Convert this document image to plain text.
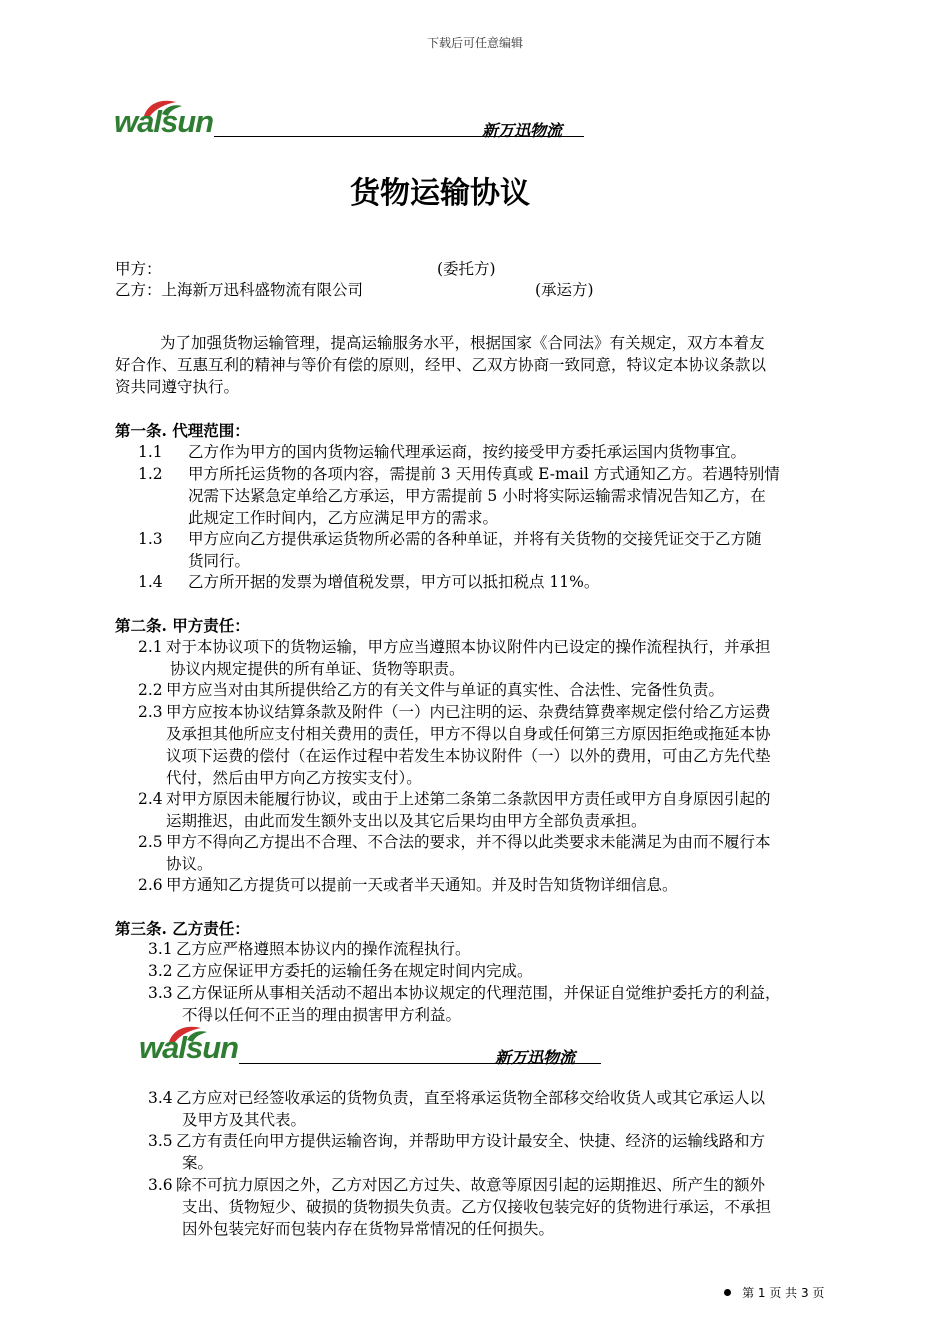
下载后可任意编辑
walsun	新万迅物流
货物运输协议
甲方：	(委托方)
乙方：上海新万迅科盛物流有限公司	(承运方)
为了加强货物运输管理，提高运输服务水平，根据国家《合同法》有关规定，双方本着友
好合作、互惠互利的精神与等价有偿的原则，经甲、乙双方协商一致同意，特议定本协议条款以
资共同遵守执行。
第一条. 代理范围：
1.1 乙方作为甲方的国内货物运输代理承运商，按约接受甲方委托承运国内货物事宜。
1.2 甲方所托运货物的各项内容，需提前 3 天用传真或 E-mail 方式通知乙方。若遇特别情
况需下达紧急定单给乙方承运，甲方需提前 5 小时将实际运输需求情况告知乙方，在
此规定工作时间内，乙方应满足甲方的需求。
1.3 甲方应向乙方提供承运货物所必需的各种单证，并将有关货物的交接凭证交于乙方随
货同行。
1.4 乙方所开据的发票为增值税发票，甲方可以抵扣税点 11%。
第二条. 甲方责任：
2.1 对于本协议项下的货物运输，甲方应当遵照本协议附件内已设定的操作流程执行，并承担
协议内规定提供的所有单证、货物等职责。
2.2 甲方应当对由其所提供给乙方的有关文件与单证的真实性、合法性、完备性负责。
2.3 甲方应按本协议结算条款及附件（一）内已注明的运、杂费结算费率规定偿付给乙方运费
及承担其他所应支付相关费用的责任，甲方不得以自身或任何第三方原因拒绝或拖延本协
议项下运费的偿付（在运作过程中若发生本协议附件（一）以外的费用，可由乙方先代垫
代付，然后由甲方向乙方按实支付）。
2.4 对甲方原因未能履行协议，或由于上述第二条第二条款因甲方责任或甲方自身原因引起的
运期推迟，由此而发生额外支出以及其它后果均由甲方全部负责承担。
2.5 甲方不得向乙方提出不合理、不合法的要求，并不得以此类要求未能满足为由而不履行本
协议。
2.6 甲方通知乙方提货可以提前一天或者半天通知。并及时告知货物详细信息。
第三条. 乙方责任：
3.1 乙方应严格遵照本协议内的操作流程执行。
3.2 乙方应保证甲方委托的运输任务在规定时间内完成。
3.3 乙方保证所从事相关活动不超出本协议规定的代理范围，并保证自觉维护委托方的利益，
不得以任何不正当的理由损害甲方利益。
walsun	新万迅物流
3.4 乙方应对已经签收承运的货物负责，直至将承运货物全部移交给收货人或其它承运人以
及甲方及其代表。
3.5 乙方有责任向甲方提供运输咨询，并帮助甲方设计最安全、快捷、经济的运输线路和方
案。
3.6 除不可抗力原因之外，乙方对因乙方过失、故意等原因引起的运期推迟、所产生的额外
支出、货物短少、破损的货物损失负责。乙方仅接收包装完好的货物进行承运，不承担
因外包装完好而包装内存在货物异常情况的任何损失。
第 1 页 共 3 页
